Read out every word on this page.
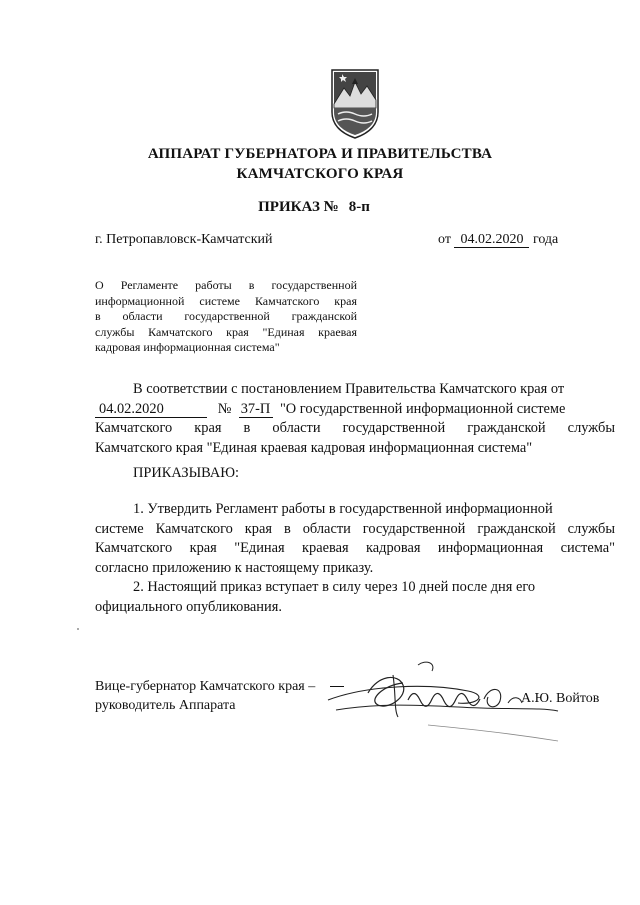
АППАРАТ ГУБЕРНАТОРА И ПРАВИТЕЛЬСТВА
КАМЧАТСКОГО КРАЯ
ПРИКАЗ № 8-п
г. Петропавловск-Камчатский	от 04.02.2020 года
О Регламенте работы в государственной
информационной системе Камчатского края
в области государственной гражданской
службы Камчатского края "Единая краевая
кадровая информационная система"
В соответствии с постановлением Правительства Камчатского края от
04.02.2020	№ 37-П "О государственной информационной системе
Камчатского края в области государственной гражданской службы
Камчатского края "Единая краевая кадровая информационная система"
ПРИКАЗЫВАЮ:
1. Утвердить Регламент работы в государственной информационной
системе Камчатского края в области государственной гражданской службы
Камчатского края "Единая краевая кадровая информационная система"
согласно приложению к настоящему приказу.
2. Настоящий приказ вступает в силу через 10 дней после дня его
официального опубликования.
Вице-губернатор Камчатского края –
руководитель Аппарата	А.Ю. Войтов
